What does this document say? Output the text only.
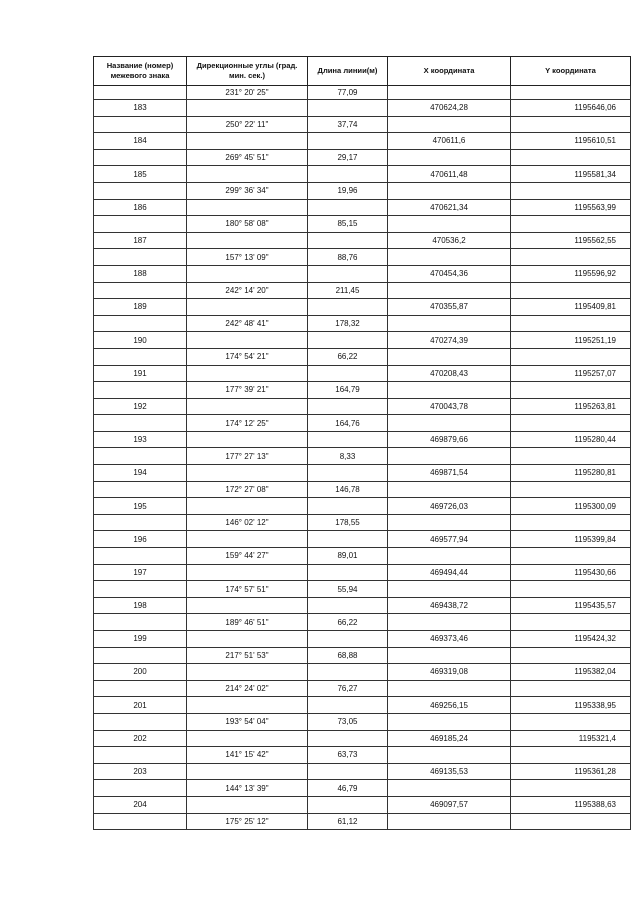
Название (номер) межевого знака	Дирекционные углы (град. мин. сек.)	Длина линии(м)	X координата	Y координата
	231° 20' 25"	77,09		
183			470624,28	1195646,06
	250° 22' 11"	37,74		
184			470611,6	1195610,51
	269° 45' 51"	29,17		
185			470611,48	1195581,34
	299° 36' 34"	19,96		
186			470621,34	1195563,99
	180° 58' 08"	85,15		
187			470536,2	1195562,55
	157° 13' 09"	88,76		
188			470454,36	1195596,92
	242° 14' 20"	211,45		
189			470355,87	1195409,81
	242° 48' 41"	178,32		
190			470274,39	1195251,19
	174° 54' 21"	66,22		
191			470208,43	1195257,07
	177° 39' 21"	164,79		
192			470043,78	1195263,81
	174° 12' 25"	164,76		
193			469879,66	1195280,44
	177° 27' 13"	8,33		
194			469871,54	1195280,81
	172° 27' 08"	146,78		
195			469726,03	1195300,09
	146° 02' 12"	178,55		
196			469577,94	1195399,84
	159° 44' 27"	89,01		
197			469494,44	1195430,66
	174° 57' 51"	55,94		
198			469438,72	1195435,57
	189° 46' 51"	66,22		
199			469373,46	1195424,32
	217° 51' 53"	68,88		
200			469319,08	1195382,04
	214° 24' 02"	76,27		
201			469256,15	1195338,95
	193° 54' 04"	73,05		
202			469185,24	1195321,4
	141° 15' 42"	63,73		
203			469135,53	1195361,28
	144° 13' 39"	46,79		
204			469097,57	1195388,63
	175° 25' 12"	61,12		
